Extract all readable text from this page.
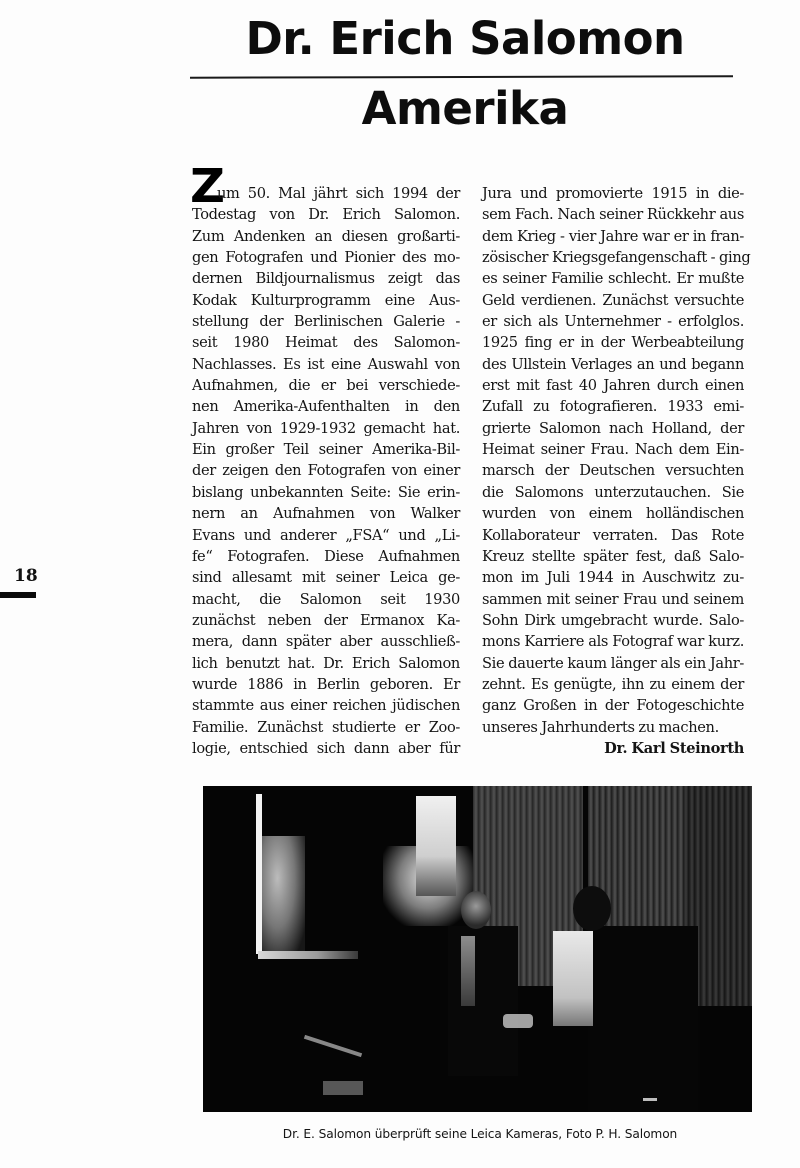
Dr. Erich Salomon
Amerika
Z
um 50. Mal jährt sich 1994 der
Todestag von Dr. Erich Salomon.
Zum Andenken an diesen großarti-
gen Fotografen und Pionier des mo-
dernen Bildjournalismus zeigt das
Kodak Kulturprogramm eine Aus-
stellung der Berlinischen Galerie -
seit 1980 Heimat des Salomon-
Nachlasses. Es ist eine Auswahl von
Aufnahmen, die er bei verschiede-
nen Amerika-Aufenthalten in den
Jahren von 1929-1932 gemacht hat.
Ein großer Teil seiner Amerika-Bil-
der zeigen den Fotografen von einer
bislang unbekannten Seite: Sie erin-
nern an Aufnahmen von Walker
Evans und anderer „FSA“ und „Li-
fe“ Fotografen. Diese Aufnahmen
sind allesamt mit seiner Leica ge-
macht, die Salomon seit 1930
zunächst neben der Ermanox Ka-
mera, dann später aber ausschließ-
lich benutzt hat. Dr. Erich Salomon
wurde 1886 in Berlin geboren. Er
stammte aus einer reichen jüdischen
Familie. Zunächst studierte er Zoo-
logie, entschied sich dann aber für
Jura und promovierte 1915 in die-
sem Fach. Nach seiner Rückkehr aus
dem Krieg - vier Jahre war er in fran-
zösischer Kriegsgefangenschaft - ging
es seiner Familie schlecht. Er mußte
Geld verdienen. Zunächst versuchte
er sich als Unternehmer - erfolglos.
1925 fing er in der Werbeabteilung
des Ullstein Verlages an und begann
erst mit fast 40 Jahren durch einen
Zufall zu fotografieren. 1933 emi-
grierte Salomon nach Holland, der
Heimat seiner Frau. Nach dem Ein-
marsch der Deutschen versuchten
die Salomons unterzutauchen. Sie
wurden von einem holländischen
Kollaborateur verraten. Das Rote
Kreuz stellte später fest, daß Salo-
mon im Juli 1944 in Auschwitz zu-
sammen mit seiner Frau und seinem
Sohn Dirk umgebracht wurde. Salo-
mons Karriere als Fotograf war kurz.
Sie dauerte kaum länger als ein Jahr-
zehnt. Es genügte, ihn zu einem der
ganz Großen in der Fotogeschichte
unseres Jahrhunderts zu machen.
Dr. Karl Steinorth
18
Dr. E. Salomon überprüft seine Leica Kameras, Foto P. H. Salomon
